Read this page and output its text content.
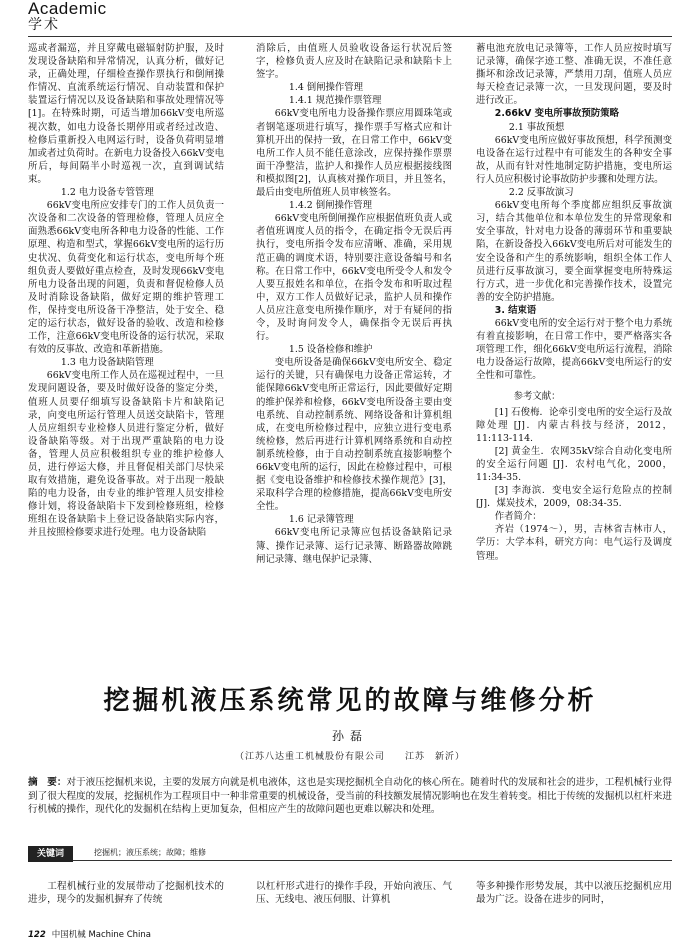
Academic
学术

巡或者漏巡，并且穿戴电磁辐射防护服，及时发现设备缺陷和异常情况，认真分析，做好记录，正确处理，仔细检查操作票执行和倒闸操作情况、直流系统运行情况、自动装置和保护装置运行情况以及设备缺陷和事故处理情况等[1]。在特殊时期，可适当增加66kV变电所巡视次数，如电力设备长期停用或者经过改造、检修后重新投入电网运行时，设备负荷明显增加或者过负荷时。在新电力设备投入66kV变电所后，每间隔半小时巡视一次，直到调试结束。

1.2 电力设备专管管理

66kV变电所应安排专门的工作人员负责一次设备和二次设备的管理检修，管理人员应全面熟悉66kV变电所各种电力设备的性能、工作原理、构造和型式，掌握66kV变电所的运行历史状况、负荷变化和运行状态，变电所每个班组负责人要做好重点检查，及时发现66kV变电所电力设备出现的问题，负责和督促检修人员及时消除设备缺陷，做好定期的维护管理工作，保持变电所设备干净整洁，处于安全、稳定的运行状态，做好设备的验收、改造和检修工作，注意66kV变电所设备的运行状况，采取有效的反事故、改造和革新措施。

1.3 电力设备缺陷管理

66kV变电所工作人员在巡视过程中，一旦发现问题设备，要及时做好设备的鉴定分类，值班人员要仔细填写设备缺陷卡片和缺陷记录，向变电所运行管理人员送交缺陷卡，管理人员应组织专业检修人员进行鉴定分析，做好设备缺陷等级。对于出现严重缺陷的电力设备，管理人员应积极组织专业的维护检修人员，进行停运大修，并且督促相关部门尽快采取有效措施，避免设备事故。对于出现一般缺陷的电力设备，由专业的维护管理人员安排检修计划，将设备缺陷卡下发到检修班组，检修班组在设备缺陷卡上登记设备缺陷实际内容，并且按照检修要求进行处理。电力设备缺陷

消除后，由值班人员验收设备运行状况后签字，检修负责人应及时在缺陷记录和缺陷卡上签字。

1.4 倒闸操作管理

1.4.1 规范操作票管理

66kV变电所电力设备操作票应用圆珠笔或者钢笔逐项进行填写，操作票手写格式应和计算机开出的保持一致，在日常工作中，66kV变电所工作人员不能任意涂改，应保持操作票票面干净整洁，监护人和操作人员应根据接线图和模拟图[2]，认真核对操作项目，并且签名，最后由变电所值班人员审核签名。

1.4.2 倒闸操作管理

66kV变电所倒闸操作应根据值班负责人或者值班调度人员的指令，在确定指令无误后再执行，变电所指令发布应清晰、准确，采用规范正确的调度术语，特别要注意设备编号和名称。在日常工作中，66kV变电所受令人和发令人要互报姓名和单位，在指令发布和听取过程中，双方工作人员做好记录，监护人员和操作人员应注意变电所操作顺序，对于有疑问的指令，及时询问发令人，确保指令无误后再执行。

1.5 设备检修和维护

变电所设备是确保66kV变电所安全、稳定运行的关键，只有确保电力设备正常运转，才能保障66kV变电所正常运行，因此要做好定期的维护保养和检修，66kV变电所设备主要由变电系统、自动控制系统、网络设备和计算机组成，在变电所检修过程中，应独立进行变电系统检修，然后再进行计算机网络系统和自动控制系统检修，由于自动控制系统直接影响整个66kV变电所的运行，因此在检修过程中，可根据《变电设备维护和检修技术操作规范》[3]，采取科学合理的检修措施，提高66kV变电所安全性。

1.6 记录簿管理

66kV变电所记录簿应包括设备缺陷记录簿、操作记录簿、运行记录簿、断路器故障跳闸记录簿、继电保护记录簿、

蓄电池充放电记录簿等，工作人员应按时填写记录簿，确保字迹工整、准确无误，不准任意撕坏和涂改记录簿，严禁用刀刮，值班人员应每天检查记录簿一次，一旦发现问题，要及时进行改正。

2.66kV 变电所事故预防策略

2.1 事故预想

66kV变电所应做好事故预想，科学预测变电设备在运行过程中有可能发生的各种安全事故，从而有针对性地制定防护措施，变电所运行人员应积极讨论事故防护步骤和处理方法。

2.2 反事故演习

66kV变电所每个季度都应组织反事故演习，结合其他单位和本单位发生的异常现象和安全事故，针对电力设备的薄弱环节和重要缺陷，在新设备投入66kV变电所后对可能发生的安全设备和产生的系统影响，组织全体工作人员进行反事故演习，要全面掌握变电所特殊运行方式，进一步优化和完善操作技术，设置完善的安全防护措施。

3. 结束语

66kV变电所的安全运行对于整个电力系统有着直接影响，在日常工作中，要严格落实各项管理工作，细化66kV变电所运行流程，消除电力设备运行故障，提高66kV变电所运行的安全性和可靠性。

参考文献：

[1] 石俊梅．论牵引变电所的安全运行及故障处理 [J]．内蒙古科技与经济，2012，11:113-114.

[2] 黄金生．农网35kV综合自动化变电所的安全运行问题 [J]．农村电气化，2000，11:34-35.

[3] 李海滨．变电安全运行危险点的控制 [J]．煤炭技术，2009，08:34-35.

作者简介：

齐岩（1974～），男，吉林省吉林市人，学历：大学本科，研究方向：电气运行及调度管理。

挖掘机液压系统常见的故障与维修分析
孙磊
（江苏八达重工机械股份有限公司　　江苏　新沂）
摘　要：对于液压挖掘机来说，主要的发展方向就是机电液体，这也是实现挖掘机全自动化的核心所在。随着时代的发展和社会的进步，工程机械行业得到了很大程度的发展，挖掘机作为工程项目中一种非常重要的机械设备，受当前的科技额发展情况影响也在发生着转变。相比于传统的发掘机以杠杆来进行机械的操作，现代化的发掘机在结构上更加复杂，但相应产生的故障问题也更难以解决和处理。
关键词	挖掘机；液压系统；故障；维修

工程机械行业的发展带动了挖掘机技术的进步，现今的发掘机摒弃了传统

以杠杆形式进行的操作手段，开始向液压、气压、无线电、液压伺服、计算机

等多种操作形势发展，其中以液压挖掘机应用最为广泛。设备在进步的同时，

122 中国机械 Machine China
